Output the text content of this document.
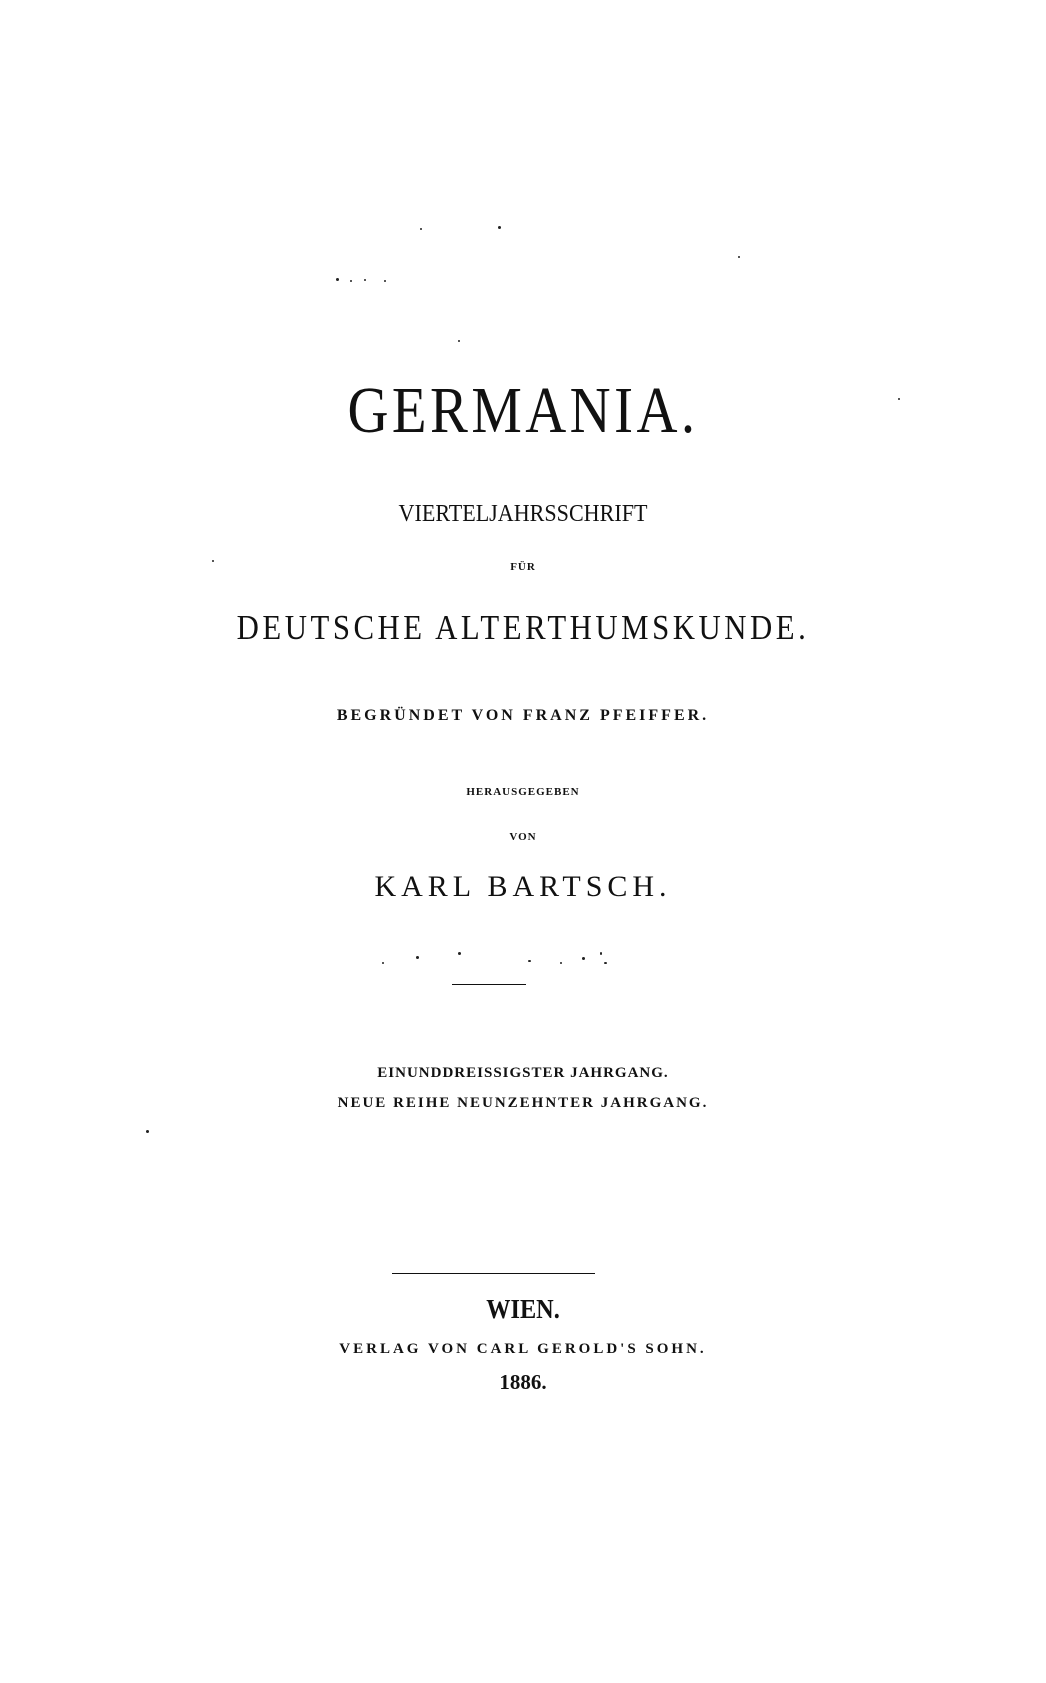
GERMANIA.
VIERTELJAHRSSCHRIFT
FÜR
DEUTSCHE ALTERTHUMSKUNDE.
BEGRÜNDET VON FRANZ PFEIFFER.
HERAUSGEGEBEN
VON
KARL BARTSCH.
EINUNDDREISSIGSTER JAHRGANG.
NEUE REIHE NEUNZEHNTER JAHRGANG.
WIEN.
VERLAG VON CARL GEROLD'S SOHN.
1886.
